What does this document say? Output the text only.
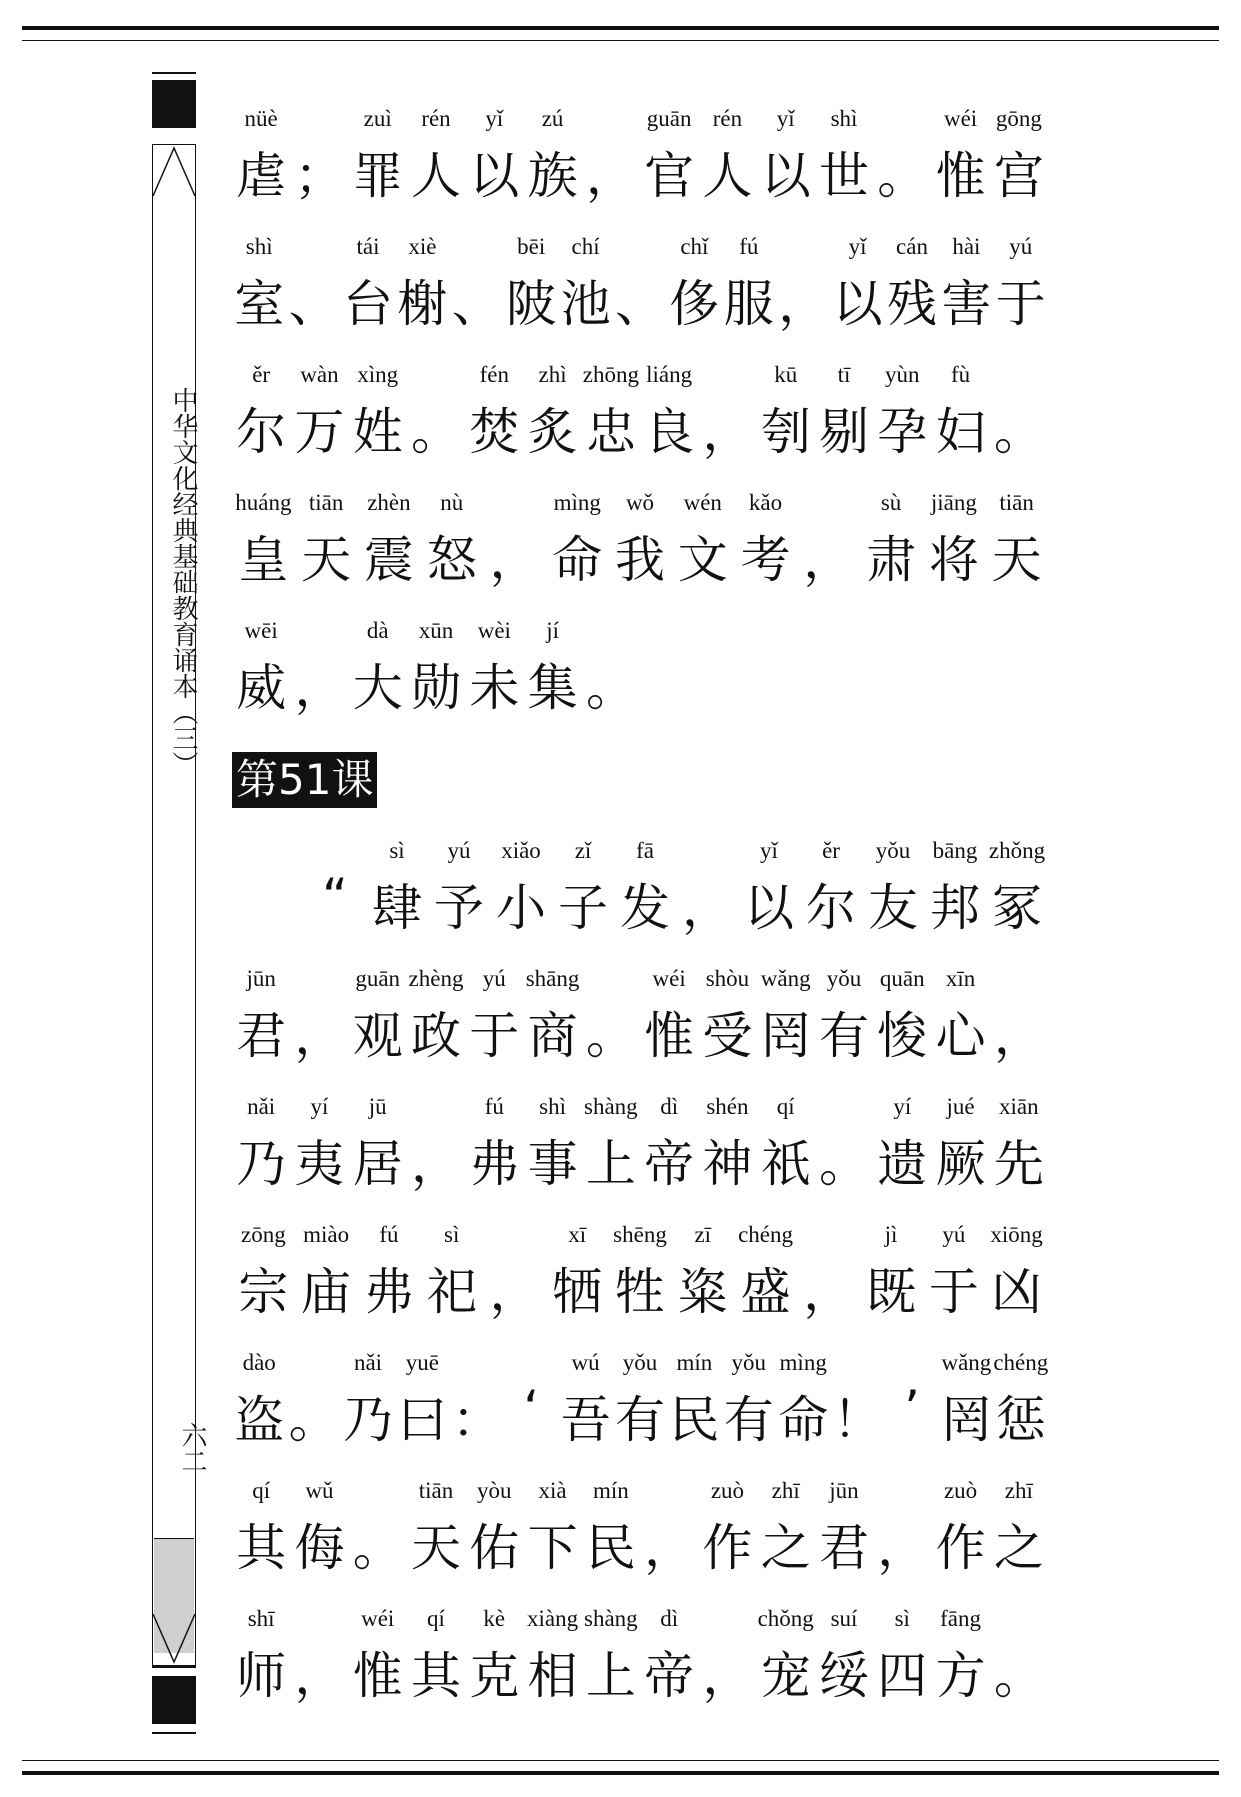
中华文化经典基础教育诵本（三）
六二
nüè	zuì	rén	yǐ	zú	guān rén	yǐ	shì	wéi gōng
虐 ； 罪 人 以 族 ， 官 人 以 世 。 惟 宫
shì	tái	xiè	bēi	chí	chǐ	fú	yǐ	cán	hài	yú
室 、 台 榭 、 陂 池 、 侈 服 ， 以 残 害 于
ěr	wàn xìng	fén	zhì zhōng liáng	kū	tī	yùn	fù
尔 万 姓 。 焚 炙 忠 良 ， 刳 剔 孕 妇 。
huáng tiān	zhèn	nù	mìng	wǒ	wén	kǎo	sù	jiāng tiān
皇 天 震 怒 ， 命 我 文 考 ， 肃 将 天
wēi	dà	xūn	wèi	jí
威 ， 大 勋 未 集 。
第51课
sì	yú	xiǎo	zǐ	fā	yǐ	ěr	yǒu bāng zhǒng
“ 肆 予 小 子 发 ， 以 尔 友 邦 冢
jūn	guān zhèng yú shāng	wéi shòu wǎng yǒu quān xīn
君 ， 观 政 于 商 。 惟 受 罔 有 悛 心 ，
nǎi	yí	jū	fú	shì shàng dì	shén	qí	yí	jué	xiān
乃 夷 居 ， 弗 事 上 帝 神 祇 。 遗 厥 先
zōng miào	fú	sì	xī	shēng	zī	chéng	jì	yú	xiōng
宗 庙 弗 祀 ， 牺 牲 粢 盛 ， 既 于 凶
dào	nǎi	yuē	wú	yǒu mín yǒu mìng	wǎng chéng
盗 。 乃 曰 ： ‘ 吾 有 民 有 命 ！ ’ 罔 惩
qí	wǔ	tiān	yòu	xià	mín	zuò	zhī	jūn	zuò	zhī
其 侮 。 天 佑 下 民 ， 作 之 君 ， 作 之
shī	wéi	qí	kè xiàng shàng dì	chǒng suí	sì	fāng
师 ， 惟 其 克 相 上 帝 ， 宠 绥 四 方 。
